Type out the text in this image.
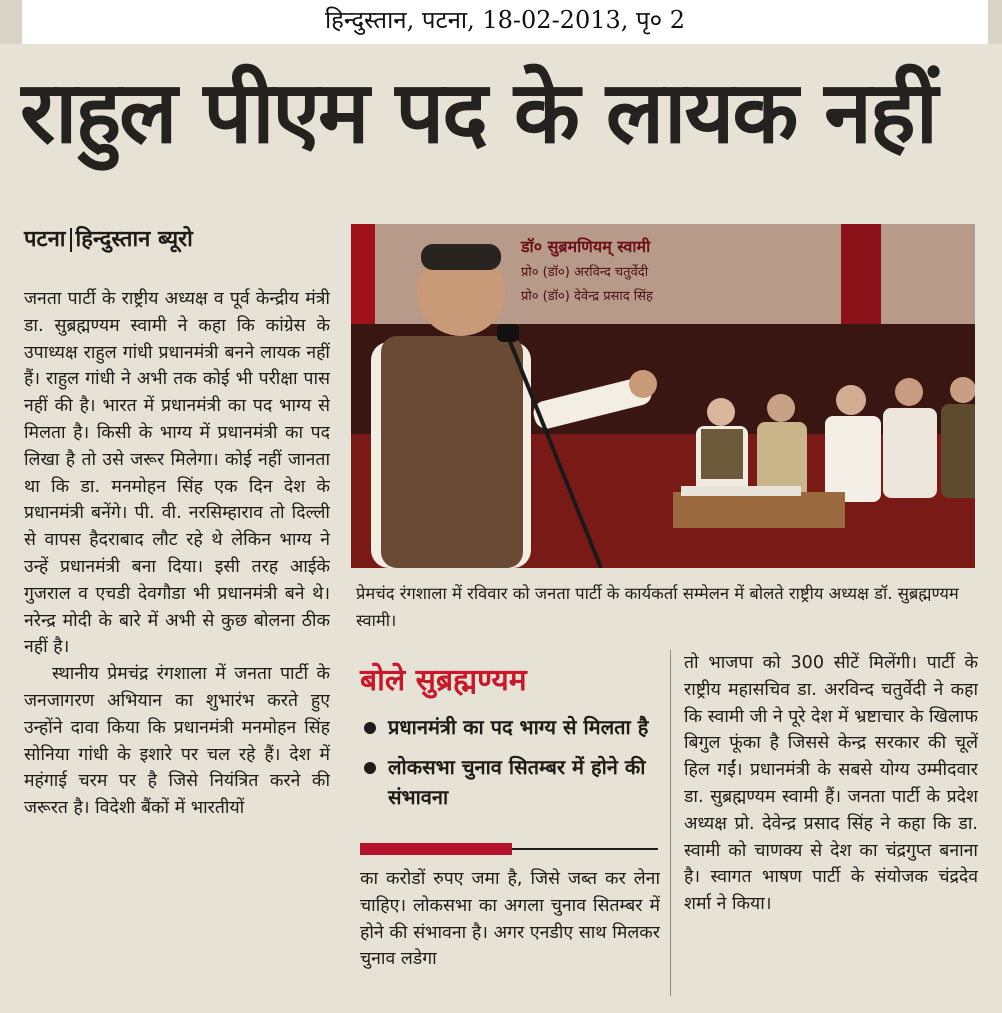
हिन्दुस्तान, पटना, 18-02-2013, पृ० 2
राहुल पीएम पद के लायक नहीं
पटना हिन्दुस्तान ब्यूरो

जनता पार्टी के राष्ट्रीय अध्यक्ष व पूर्व केन्द्रीय मंत्री डा. सुब्रह्मण्यम स्वामी ने कहा कि कांग्रेस के उपाध्यक्ष राहुल गांधी प्रधानमंत्री बनने लायक नहीं हैं। राहुल गांधी ने अभी तक कोई भी परीक्षा पास नहीं की है। भारत में प्रधानमंत्री का पद भाग्य से मिलता है। किसी के भाग्य में प्रधानमंत्री का पद लिखा है तो उसे जरूर मिलेगा। कोई नहीं जानता था कि डा. मनमोहन सिंह एक दिन देश के प्रधानमंत्री बनेंगे। पी. वी. नरसिम्हाराव तो दिल्ली से वापस हैदराबाद लौट रहे थे लेकिन भाग्य ने उन्हें प्रधानमंत्री बना दिया। इसी तरह आईके गुजराल व एचडी देवगौडा भी प्रधानमंत्री बने थे। नरेन्द्र मोदी के बारे में अभी से कुछ बोलना ठीक नहीं है।

स्थानीय प्रेमचंद्र रंगशाला में जनता पार्टी के जनजागरण अभियान का शुभारंभ करते हुए उन्होंने दावा किया कि प्रधानमंत्री मनमोहन सिंह सोनिया गांधी के इशारे पर चल रहे हैं। देश में महंगाई चरम पर है जिसे नियंत्रित करने की जरूरत है। विदेशी बैंकों में भारतीयों

डॉ० सुब्रमणियम् स्वामी
प्रो० (डॉ०) अरविन्द चतुर्वेदी
प्रो० (डॉ०) देवेन्द्र प्रसाद सिंह
प्रेमचंद रंगशाला में रविवार को जनता पार्टी के कार्यकर्ता सम्मेलन में बोलते राष्ट्रीय अध्यक्ष डॉ. सुब्रह्मण्यम स्वामी।
बोले सुब्रह्मण्यम
प्रधानमंत्री का पद भाग्य से मिलता है
लोकसभा चुनाव सितम्बर में होने की संभावना

का करोडों रुपए जमा है, जिसे जब्त कर लेना चाहिए। लोकसभा का अगला चुनाव सितम्बर में होने की संभावना है। अगर एनडीए साथ मिलकर चुनाव लडेगा

तो भाजपा को 300 सीटें मिलेंगी। पार्टी के राष्ट्रीय महासचिव डा. अरविन्द चतुर्वेदी ने कहा कि स्वामी जी ने पूरे देश में भ्रष्टाचार के खिलाफ बिगुल फूंका है जिससे केन्द्र सरकार की चूलें हिल गईं। प्रधानमंत्री के सबसे योग्य उम्मीदवार डा. सुब्रह्मण्यम स्वामी हैं। जनता पार्टी के प्रदेश अध्यक्ष प्रो. देवेन्द्र प्रसाद सिंह ने कहा कि डा. स्वामी को चाणक्य से देश का चंद्रगुप्त बनाना है। स्वागत भाषण पार्टी के संयोजक चंद्रदेव शर्मा ने किया।
